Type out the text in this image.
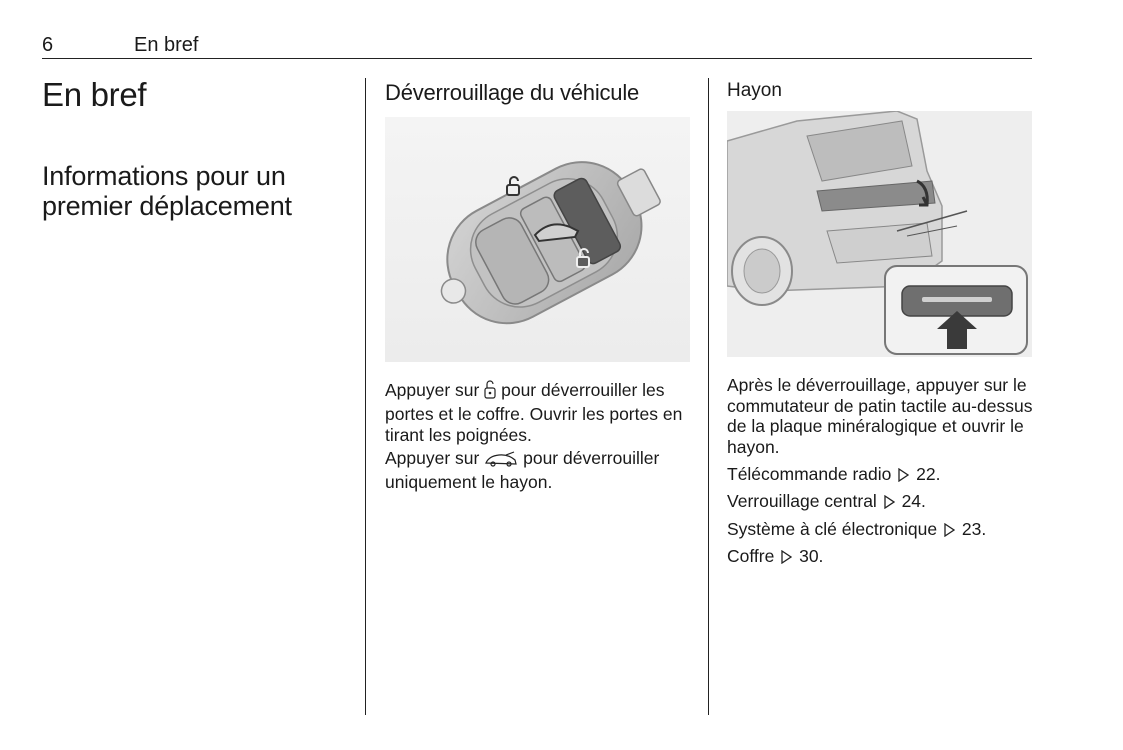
6	En bref
En bref
Informations pour un premier déplacement
Déverrouillage du véhicule

Appuyer sur pour déverrouiller les portes et le coffre. Ouvrir les portes en tirant les poignées.

Appuyer sur	pour déverrouiller uniquement le hayon.

Hayon

Après le déverrouillage, appuyer sur le commutateur de patin tactile au-dessus de la plaque minéralogique et ouvrir le hayon.

Télécommande radio 22.
Verrouillage central 24.
Système à clé électronique 23.
Coffre 30.
